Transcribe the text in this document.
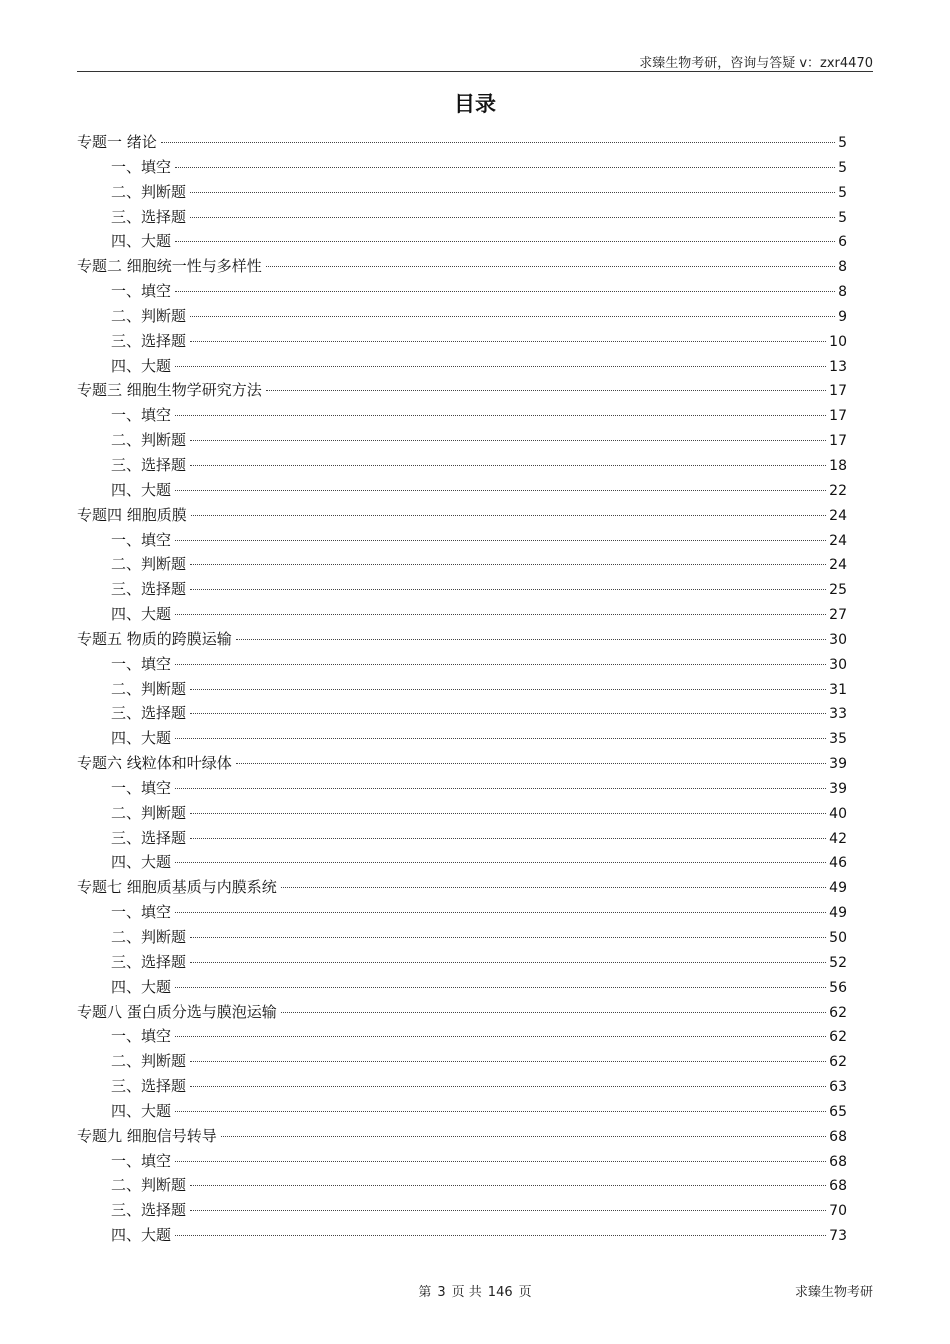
求臻生物考研，咨询与答疑 v：zxr4470
目录
专题一 绪论	5
一、填空	5
二、判断题	5
三、选择题	5
四、大题	6
专题二 细胞统一性与多样性	8
一、填空	8
二、判断题	9
三、选择题	10
四、大题	13
专题三 细胞生物学研究方法	17
一、填空	17
二、判断题	17
三、选择题	18
四、大题	22
专题四 细胞质膜	24
一、填空	24
二、判断题	24
三、选择题	25
四、大题	27
专题五 物质的跨膜运输	30
一、填空	30
二、判断题	31
三、选择题	33
四、大题	35
专题六 线粒体和叶绿体	39
一、填空	39
二、判断题	40
三、选择题	42
四、大题	46
专题七 细胞质基质与内膜系统	49
一、填空	49
二、判断题	50
三、选择题	52
四、大题	56
专题八 蛋白质分选与膜泡运输	62
一、填空	62
二、判断题	62
三、选择题	63
四、大题	65
专题九 细胞信号转导	68
一、填空	68
二、判断题	68
三、选择题	70
四、大题	73
第 3 页 共 146 页	求臻生物考研
